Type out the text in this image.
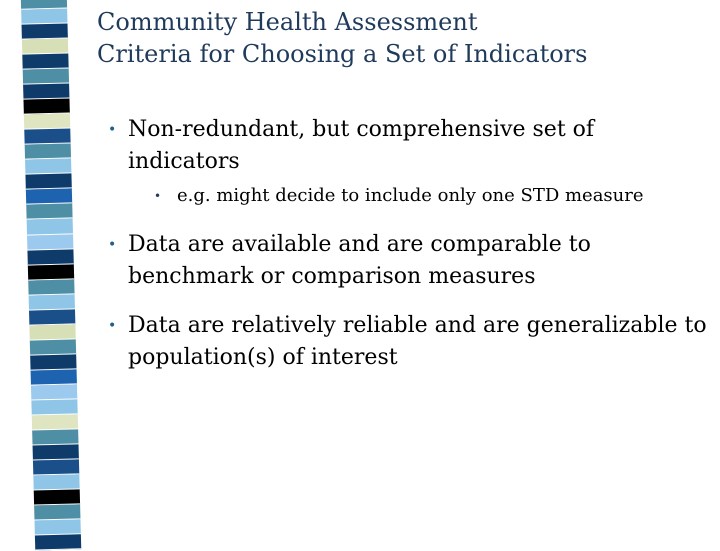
Community Health Assessment
Criteria for Choosing a Set of Indicators
• Non-redundant, but comprehensive set of indicators
• e.g. might decide to include only one STD measure
• Data are available and are comparable to benchmark or comparison measures
• Data are relatively reliable and are generalizable to population(s) of interest
